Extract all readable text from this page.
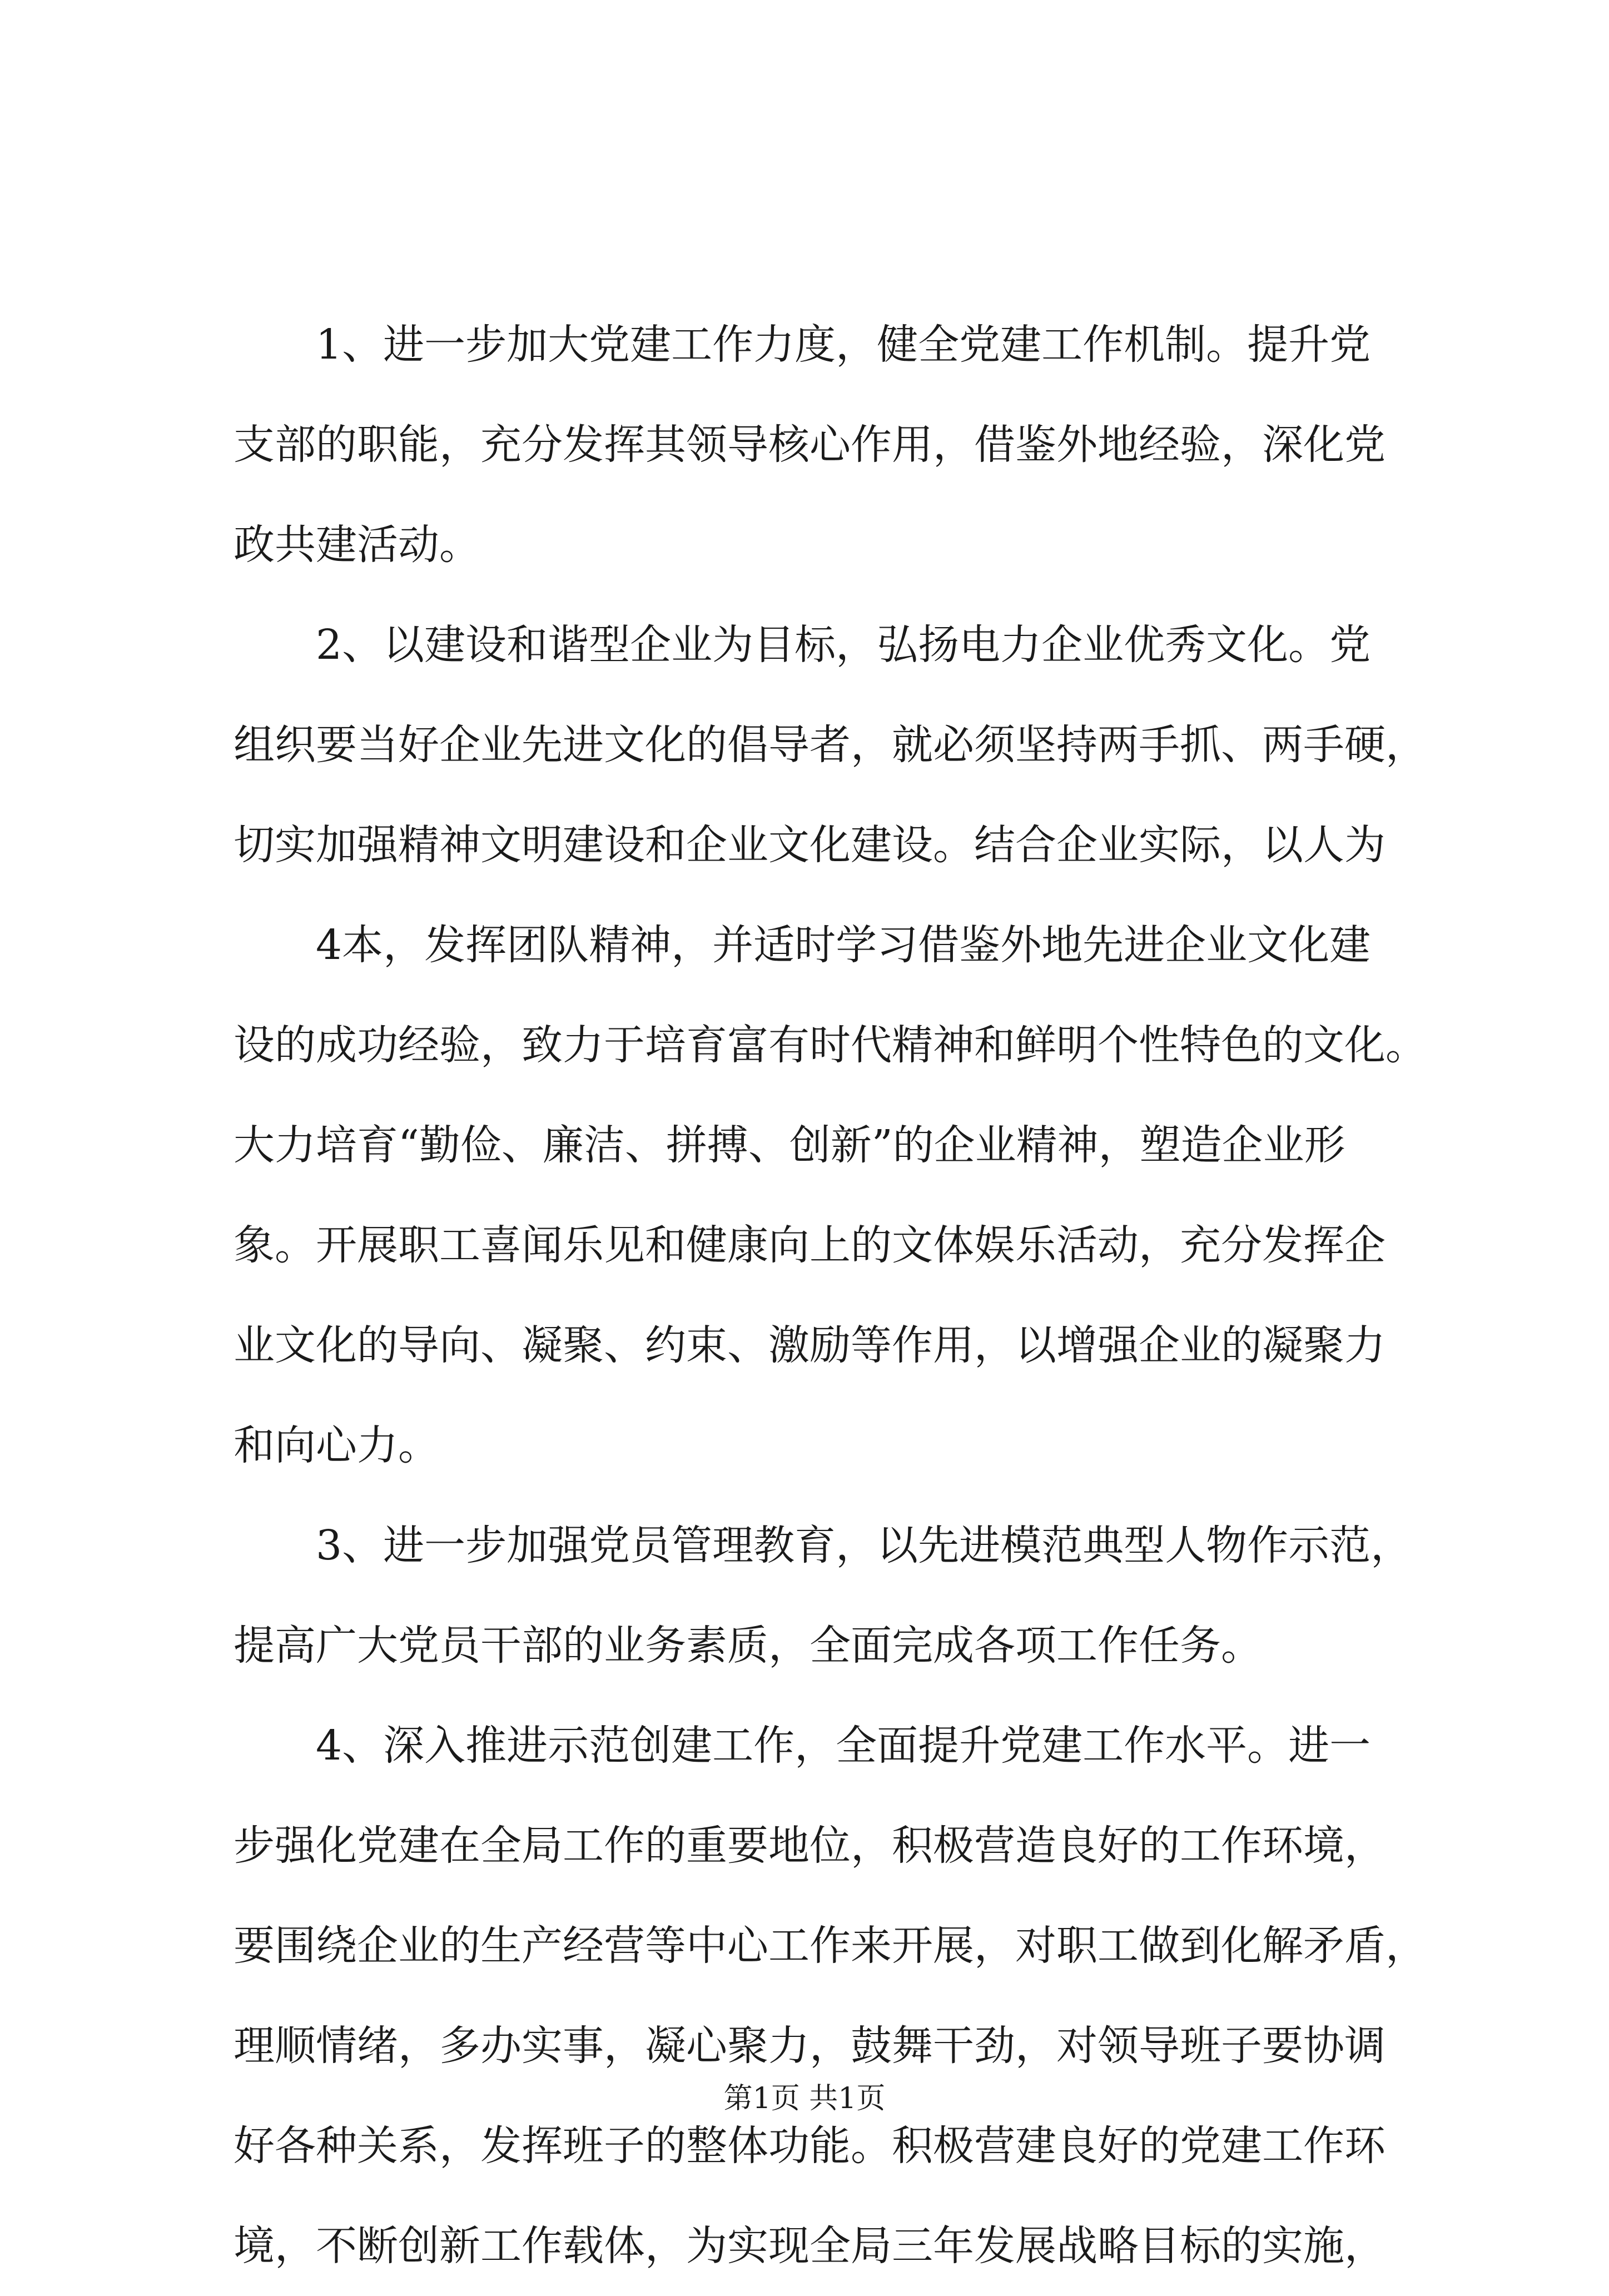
1、进一步加大党建工作力度，健全党建工作机制。提升党
支部的职能，充分发挥其领导核心作用，借鉴外地经验，深化党
政共建活动。
2、以建设和谐型企业为目标，弘扬电力企业优秀文化。党
组织要当好企业先进文化的倡导者，就必须坚持两手抓、两手硬，
切实加强精神文明建设和企业文化建设。结合企业实际，以人为
4本，发挥团队精神，并适时学习借鉴外地先进企业文化建
设的成功经验，致力于培育富有时代精神和鲜明个性特色的文化。
大力培育“勤俭、廉洁、拼搏、创新”的企业精神，塑造企业形
象。开展职工喜闻乐见和健康向上的文体娱乐活动，充分发挥企
业文化的导向、凝聚、约束、激励等作用，以增强企业的凝聚力
和向心力。
3、进一步加强党员管理教育，以先进模范典型人物作示范，
提高广大党员干部的业务素质，全面完成各项工作任务。
4、深入推进示范创建工作，全面提升党建工作水平。进一
步强化党建在全局工作的重要地位，积极营造良好的工作环境，
要围绕企业的生产经营等中心工作来开展，对职工做到化解矛盾，
理顺情绪，多办实事，凝心聚力，鼓舞干劲，对领导班子要协调
好各种关系，发挥班子的整体功能。积极营建良好的党建工作环
境，不断创新工作载体，为实现全局三年发展战略目标的实施，
第1页 共1页
